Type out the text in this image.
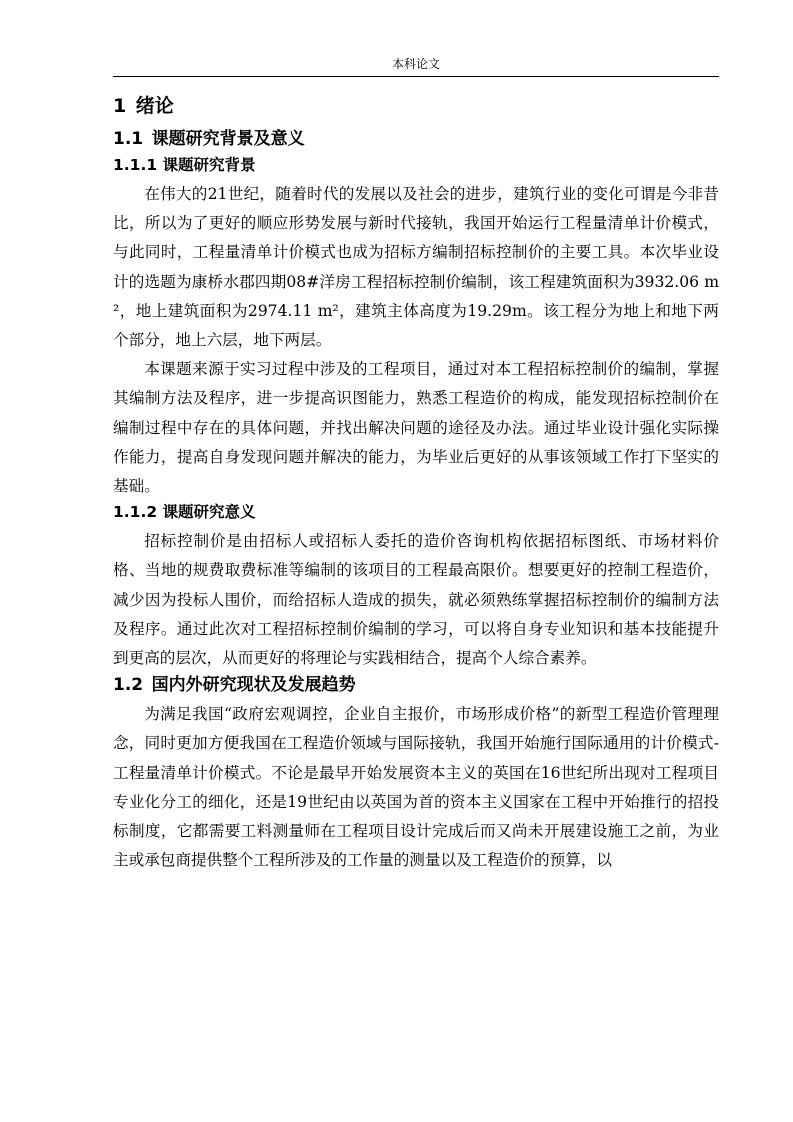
本科论文
1 绪论
1.1 课题研究背景及意义
1.1.1 课题研究背景

在伟大的21世纪，随着时代的发展以及社会的进步，建筑行业的变化可谓是今非昔比，所以为了更好的顺应形势发展与新时代接轨，我国开始运行工程量清单计价模式，与此同时，工程量清单计价模式也成为招标方编制招标控制价的主要工具。本次毕业设计的选题为康桥水郡四期08#洋房工程招标控制价编制，该工程建筑面积为3932.06 m²，地上建筑面积为2974.11 m²，建筑主体高度为19.29m。该工程分为地上和地下两个部分，地上六层，地下两层。

本课题来源于实习过程中涉及的工程项目，通过对本工程招标控制价的编制，掌握其编制方法及程序，进一步提高识图能力，熟悉工程造价的构成，能发现招标控制价在编制过程中存在的具体问题，并找出解决问题的途径及办法。通过毕业设计强化实际操作能力，提高自身发现问题并解决的能力，为毕业后更好的从事该领域工作打下坚实的基础。

1.1.2 课题研究意义

招标控制价是由招标人或招标人委托的造价咨询机构依据招标图纸、市场材料价格、当地的规费取费标准等编制的该项目的工程最高限价。想要更好的控制工程造价，减少因为投标人围价，而给招标人造成的损失，就必须熟练掌握招标控制价的编制方法及程序。通过此次对工程招标控制价编制的学习，可以将自身专业知识和基本技能提升到更高的层次，从而更好的将理论与实践相结合，提高个人综合素养。

1.2 国内外研究现状及发展趋势

为满足我国“政府宏观调控，企业自主报价，市场形成价格”的新型工程造价管理理念，同时更加方便我国在工程造价领域与国际接轨，我国开始施行国际通用的计价模式-工程量清单计价模式。不论是最早开始发展资本主义的英国在16世纪所出现对工程项目专业化分工的细化，还是19世纪由以英国为首的资本主义国家在工程中开始推行的招投标制度，它都需要工料测量师在工程项目设计完成后而又尚未开展建设施工之前，为业主或承包商提供整个工程所涉及的工作量的测量以及工程造价的预算，以
